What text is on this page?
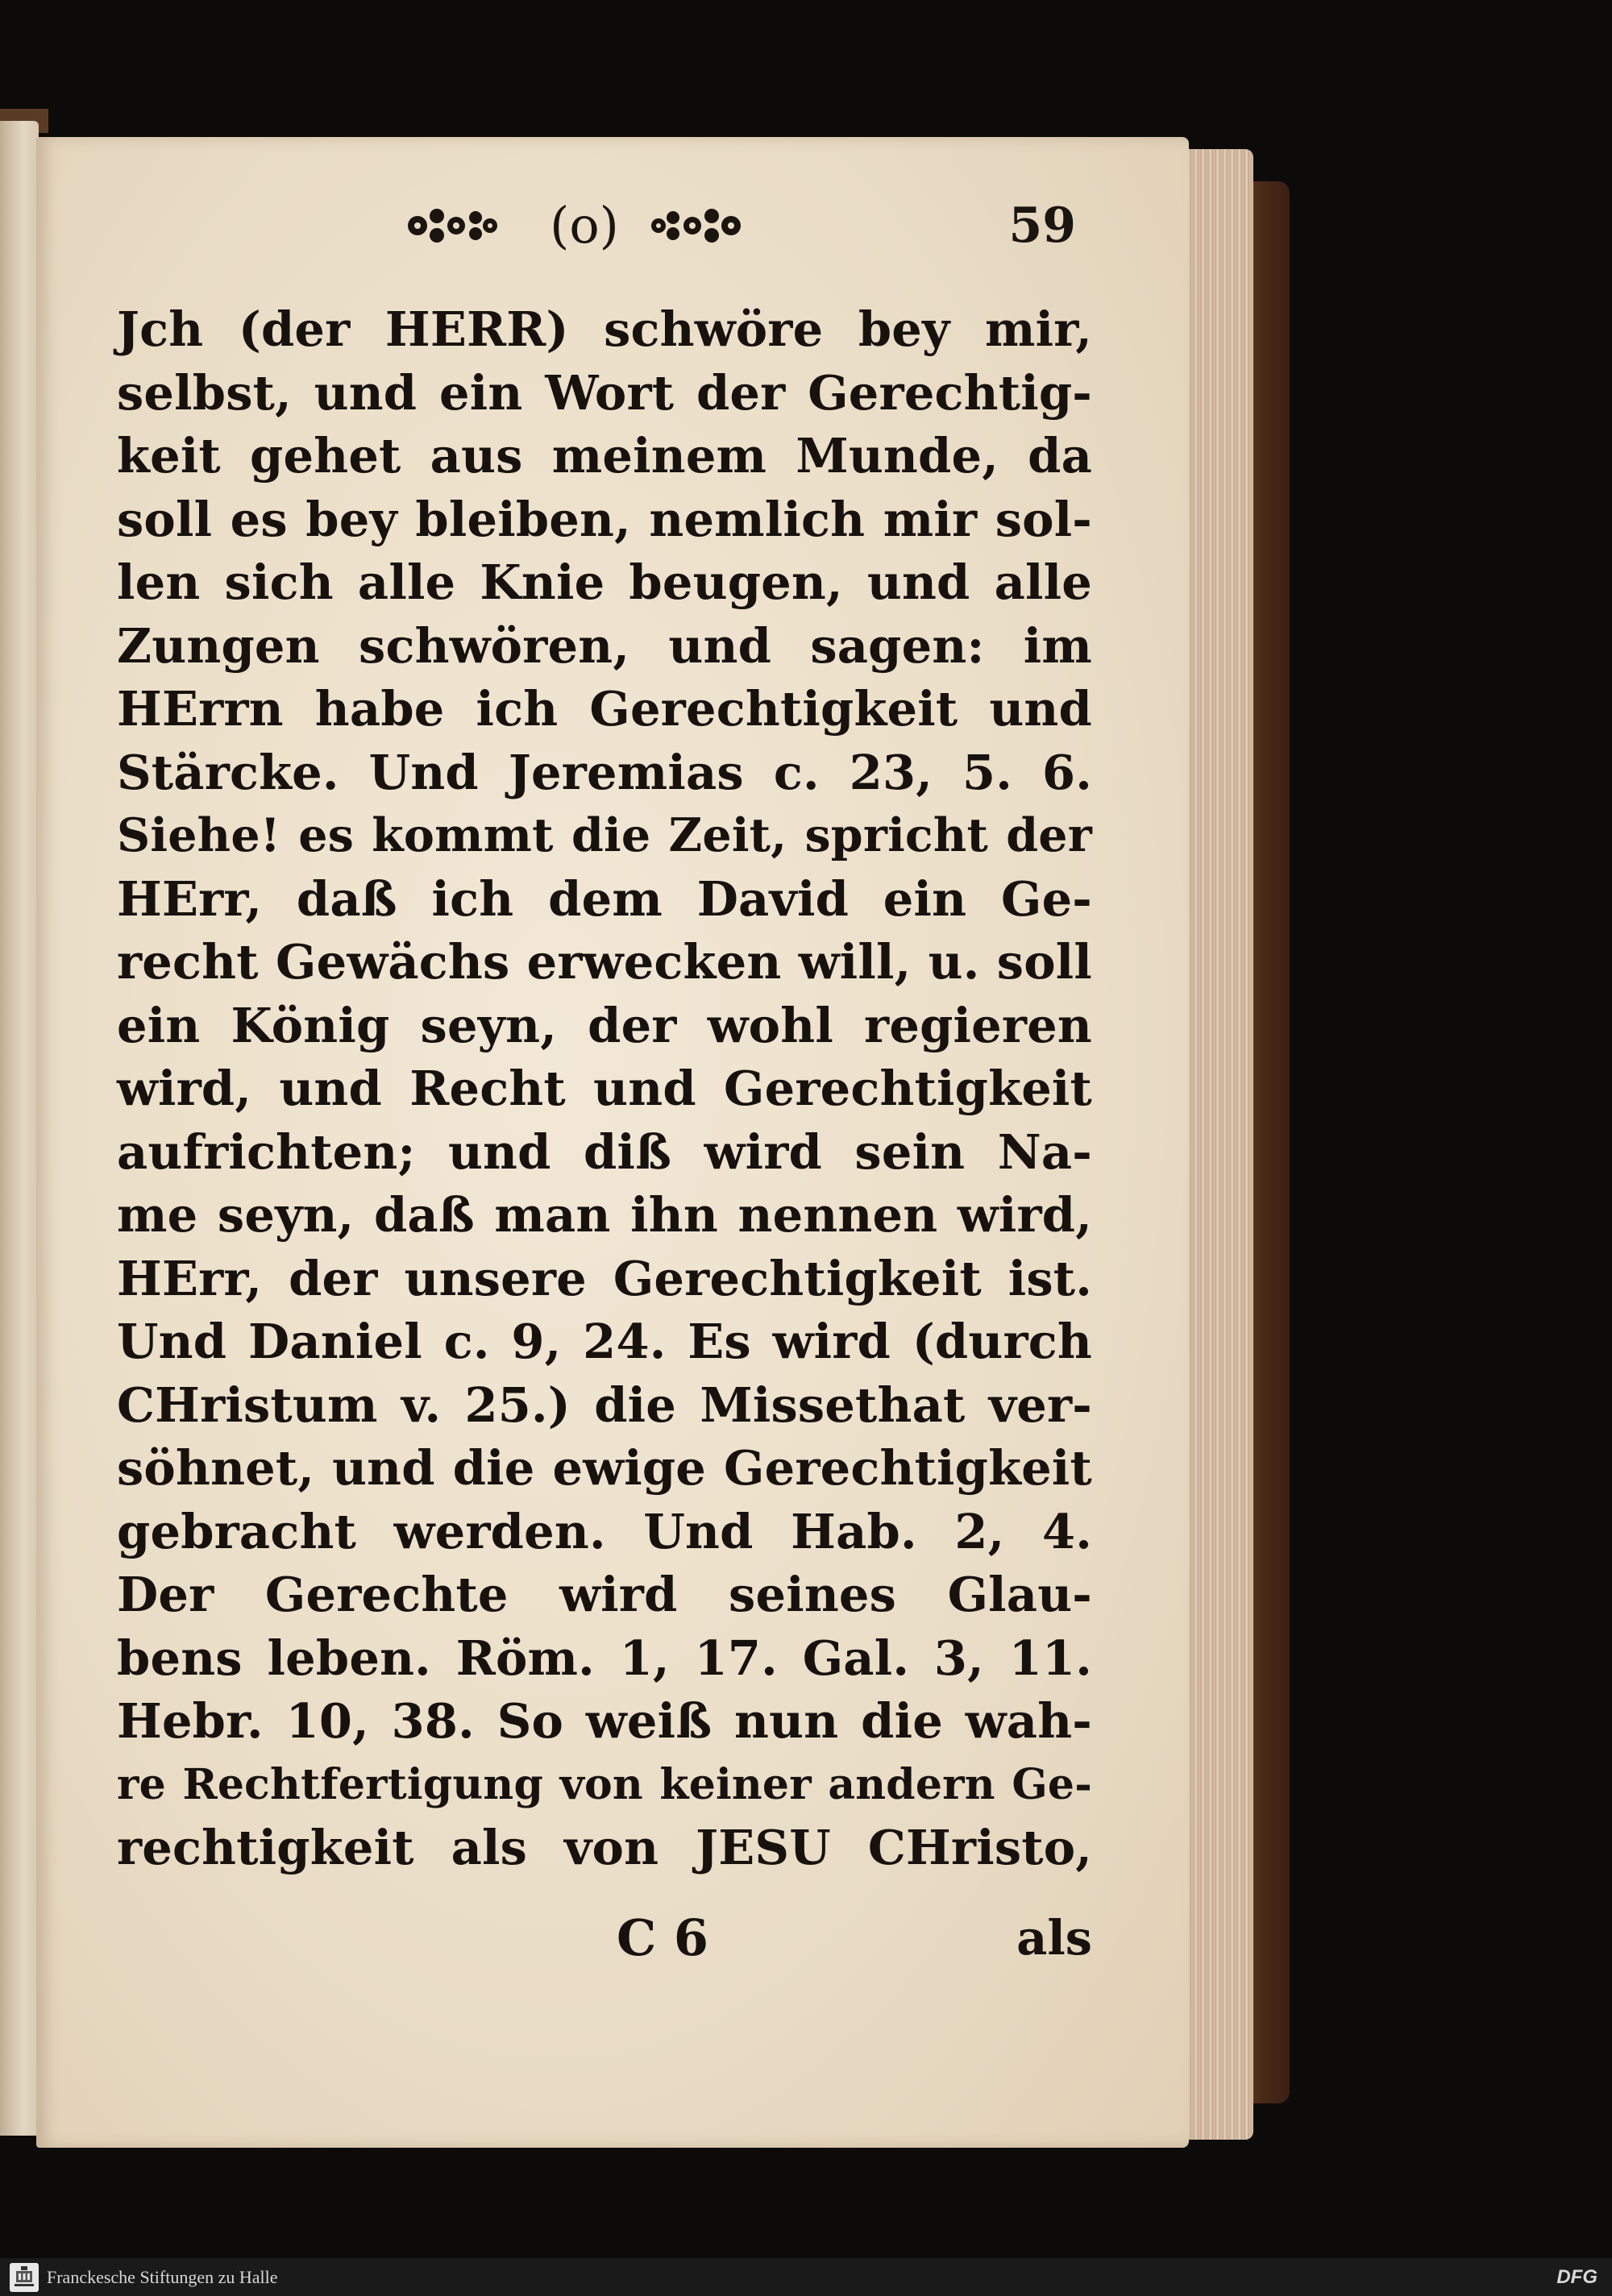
(o)	59
Jch (der HERR) schwöre bey mir,
selbst, und ein Wort der Gerechtig-
keit gehet aus meinem Munde, da
soll es bey bleiben, nemlich mir sol-
len sich alle Knie beugen, und alle
Zungen schwören, und sagen: im
HErrn habe ich Gerechtigkeit und
Stärcke. Und Jeremias c. 23, 5. 6.
Siehe! es kommt die Zeit, spricht der
HErr, daß ich dem David ein Ge-
recht Gewächs erwecken will, u. soll
ein König seyn, der wohl regieren
wird, und Recht und Gerechtigkeit
aufrichten; und diß wird sein Na-
me seyn, daß man ihn nennen wird,
HErr, der unsere Gerechtigkeit ist.
Und Daniel c. 9, 24. Es wird (durch
CHristum v. 25.) die Missethat ver-
söhnet, und die ewige Gerechtigkeit
gebracht werden. Und Hab. 2, 4.
Der Gerechte wird seines Glau-
bens leben. Röm. 1, 17. Gal. 3, 11.
Hebr. 10, 38. So weiß nun die wah-
re Rechtfertigung von keiner andern Ge-
rechtigkeit als von JESU CHristo,
C 6	als
Franckesche Stiftungen zu Halle	DFG
